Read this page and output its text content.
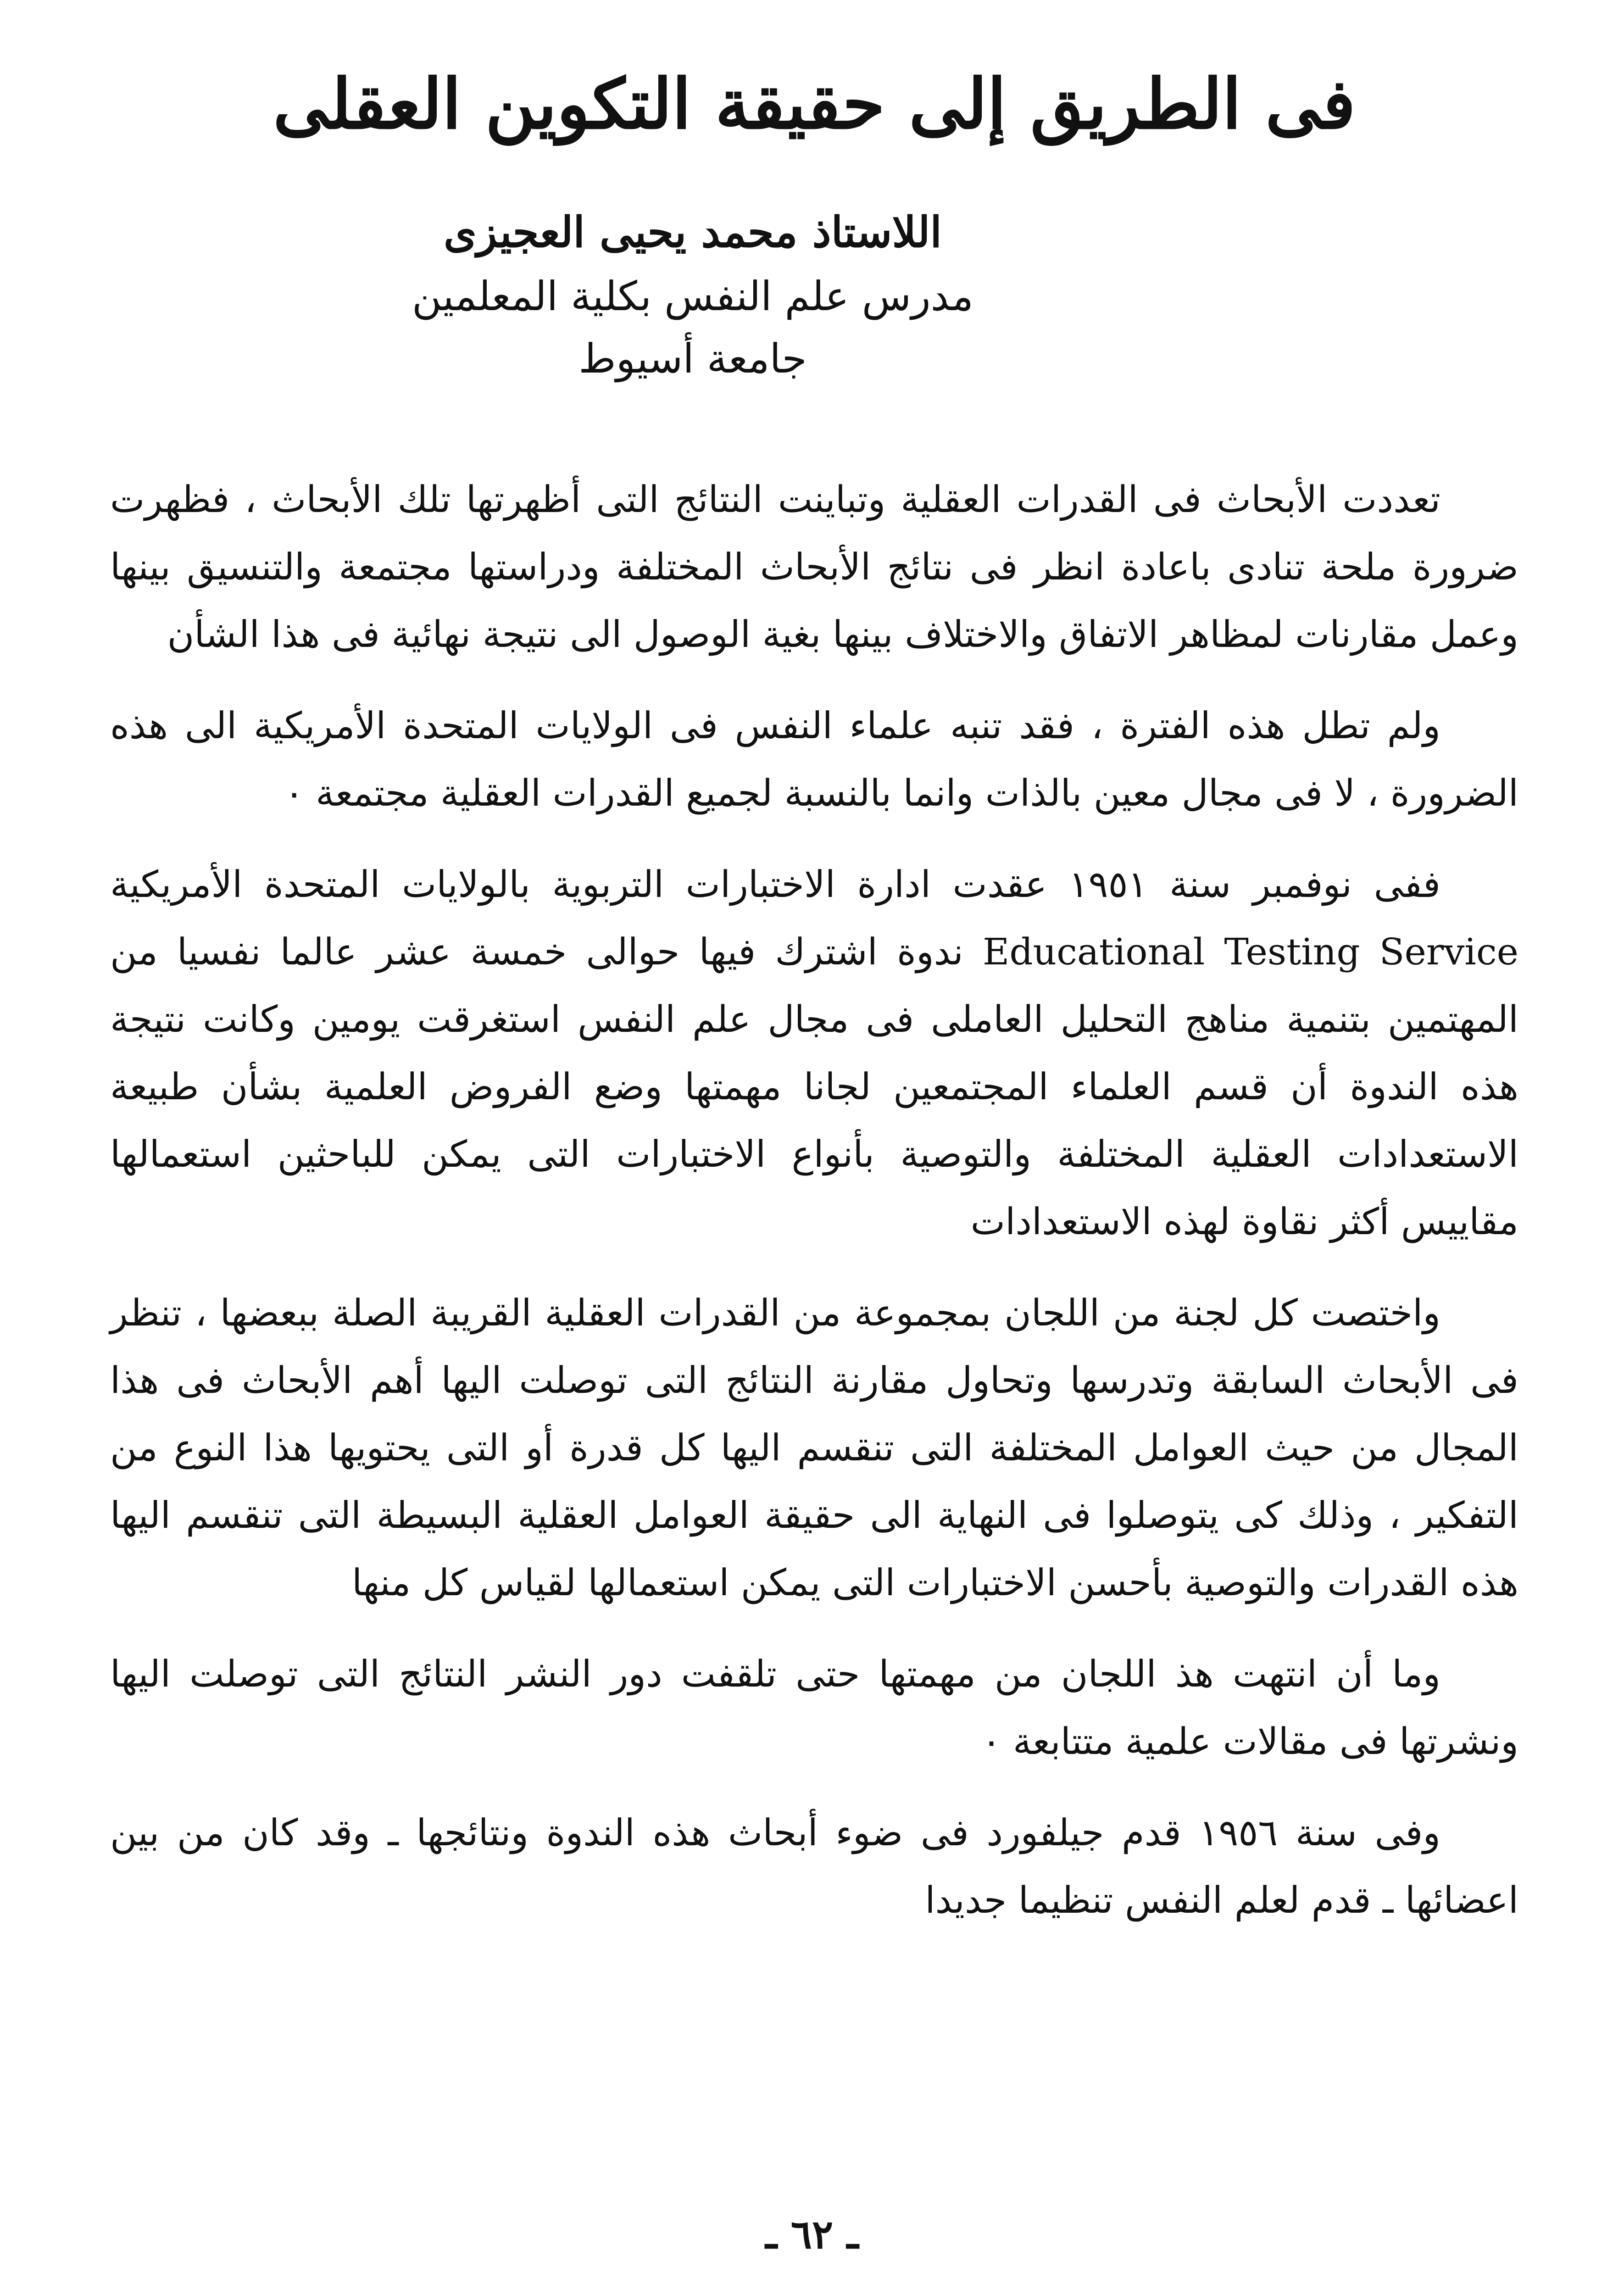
فى الطريق إلى حقيقة التكوين العقلى
اللاستاذ محمد يحيى العجيزى
مدرس علم النفس بكلية المعلمين
جامعة أسيوط

تعددت الأبحاث فى القدرات العقلية وتباينت النتائج التى أظهرتها تلك الأبحاث ، فظهرت ضرورة ملحة تنادى باعادة انظر فى نتائج الأبحاث المختلفة ودراستها مجتمعة والتنسيق بينها وعمل مقارنات لمظاهر الاتفاق والاختلاف بينها بغية الوصول الى نتيجة نهائية فى هذا الشأن

ولم تطل هذه الفترة ، فقد تنبه علماء النفس فى الولايات المتحدة الأمريكية الى هذه الضرورة ، لا فى مجال معين بالذات وانما بالنسبة لجميع القدرات العقلية مجتمعة ٠

ففى نوفمبر سنة ١٩٥١ عقدت ادارة الاختبارات التربوية بالولايات المتحدة الأمريكية Educational Testing Service ندوة اشترك فيها حوالى خمسة عشر عالما نفسيا من المهتمين بتنمية مناهج التحليل العاملى فى مجال علم النفس استغرقت يومين وكانت نتيجة هذه الندوة أن قسم العلماء المجتمعين لجانا مهمتها وضع الفروض العلمية بشأن طبيعة الاستعدادات العقلية المختلفة والتوصية بأنواع الاختبارات التى يمكن للباحثين استعمالها مقاييس أكثر نقاوة لهذه الاستعدادات

واختصت كل لجنة من اللجان بمجموعة من القدرات العقلية القريبة الصلة ببعضها ، تنظر فى الأبحاث السابقة وتدرسها وتحاول مقارنة النتائج التى توصلت اليها أهم الأبحاث فى هذا المجال من حيث العوامل المختلفة التى تنقسم اليها كل قدرة أو التى يحتويها هذا النوع من التفكير ، وذلك كى يتوصلوا فى النهاية الى حقيقة العوامل العقلية البسيطة التى تنقسم اليها هذه القدرات والتوصية بأحسن الاختبارات التى يمكن استعمالها لقياس كل منها

وما أن انتهت هذ اللجان من مهمتها حتى تلقفت دور النشر النتائج التى توصلت اليها ونشرتها فى مقالات علمية متتابعة ٠

وفى سنة ١٩٥٦ قدم جيلفورد فى ضوء أبحاث هذه الندوة ونتائجها ـ وقد كان من بين اعضائها ـ قدم لعلم النفس تنظيما جديدا

ـ ٦٢ ـ
